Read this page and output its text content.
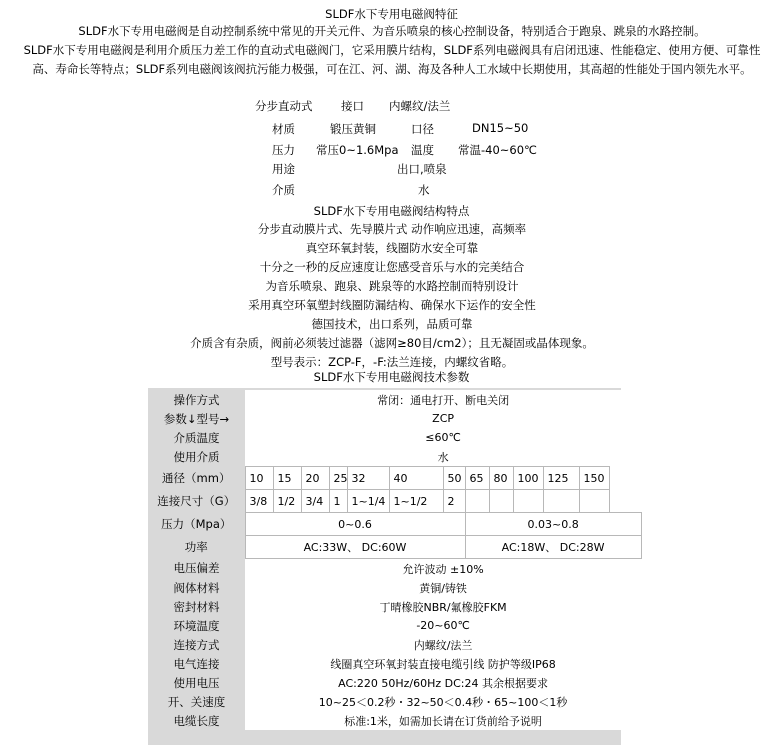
SLDF水下专用电磁阀特征
SLDF水下专用电磁阀是自动控制系统中常见的开关元件、为音乐喷泉的核心控制设备，特别适合于跑泉、跳泉的水路控制。
SLDF水下专用电磁阀是利用介质压力差工作的直动式电磁阀门，它采用膜片结构，SLDF系列电磁阀具有启闭迅速、性能稳定、使用方便、可靠性
高、寿命长等特点；SLDF系列电磁阀该阀抗污能力极强，可在江、河、湖、海及各种人工水域中长期使用，其高超的性能处于国内领先水平。
分步直动式 接口 内螺纹/法兰
材质	锻压黄铜	口径	DN15~50
压力 常压0~1.6Mpa 温度 常温-40~60℃
用途	出口,喷泉
介质	水
SLDF水下专用电磁阀结构特点
分步直动膜片式、先导膜片式 动作响应迅速，高频率
真空环氧封装，线圈防水安全可靠
十分之一秒的反应速度让您感受音乐与水的完美结合
为音乐喷泉、跑泉、跳泉等的水路控制而特别设计
采用真空环氧塑封线圈防漏结构、确保水下运作的安全性
德国技术，出口系列，品质可靠
介质含有杂质，阀前必须装过滤器（滤网≥80目/cm2）；且无凝固或晶体现象。
型号表示：ZCP-F，-F:法兰连接，内螺纹省略。
SLDF水下专用电磁阀技术参数
操作方式	常闭：通电打开、断电关闭												
参数↓型号→	ZCP												
介质温度	≤60℃												
使用介质	水												
通径（mm）	10	15	20	25	32	40	50	65	80	100	125	150	
连接尺寸（G）	3/8	1/2	3/4	1	1~1/4	1~1/2	2						
压力（Mpa）	0~0.6							0.03~0.8					
功率	AC:33W、 DC:60W							AC:18W、 DC:28W					
电压偏差	允许波动 ±10%												
阀体材料	黄铜/铸铁												
密封材料	丁晴橡胶NBR/氟橡胶FKM												
环境温度	-20~60℃												
连接方式	内螺纹/法兰												
电气连接	线圈真空环氧封装直接电缆引线 防护等级IP68												
使用电压	AC:220 50Hz/60Hz DC:24 其余根据要求												
开、关速度	10~25＜0.2秒・32~50＜0.4秒・65~100＜1秒												
电缆长度	标准:1米，如需加长请在订货前给予说明												
